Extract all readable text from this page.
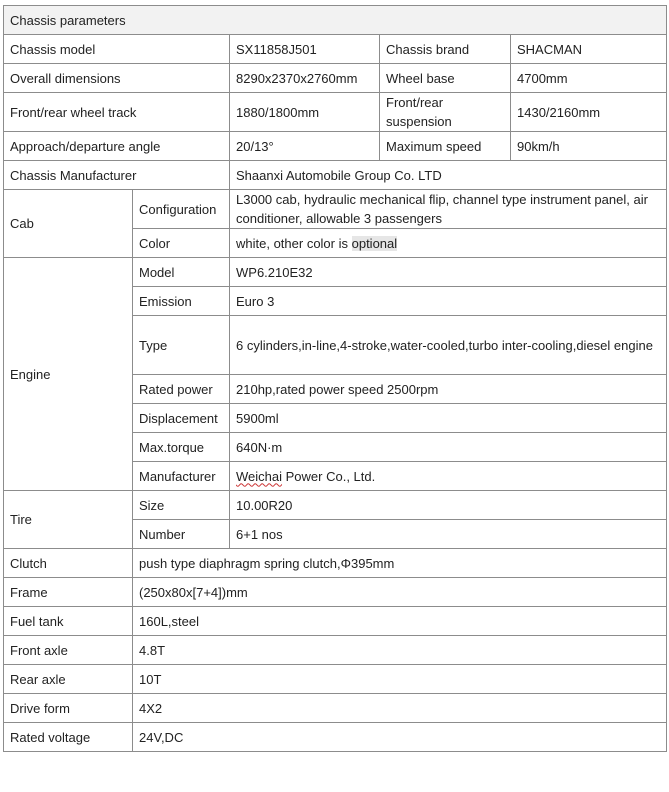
Chassis parameters				
Chassis model		SX11858J501	Chassis brand	SHACMAN
Overall dimensions		8290x2370x2760mm	Wheel base	4700mm
Front/rear wheel track		1880/1800mm	Front/rear suspension	1430/2160mm
Approach/departure angle		20/13°	Maximum speed	90km/h
Chassis Manufacturer		Shaanxi Automobile Group Co. LTD		
Cab	Configuration	L3000 cab, hydraulic mechanical flip, channel type instrument panel, air conditioner, allowable 3 passengers		
	Color	white, other color is optional		
Engine	Model	WP6.210E32		
	Emission	Euro 3		
	Type	6 cylinders,in-line,4-stroke,water-cooled,turbo inter-cooling,diesel engine		
	Rated power	210hp,rated power speed 2500rpm		
	Displacement	5900ml		
	Max.torque	640N·m		
	Manufacturer	Weichai Power Co., Ltd.		
Tire	Size	10.00R20		
	Number	6+1 nos		
Clutch	push type diaphragm spring clutch,Φ395mm			
Frame	(250x80x[7+4])mm			
Fuel tank	160L,steel			
Front axle	4.8T			
Rear axle	10T			
Drive form	4X2			
Rated voltage	24V,DC			
